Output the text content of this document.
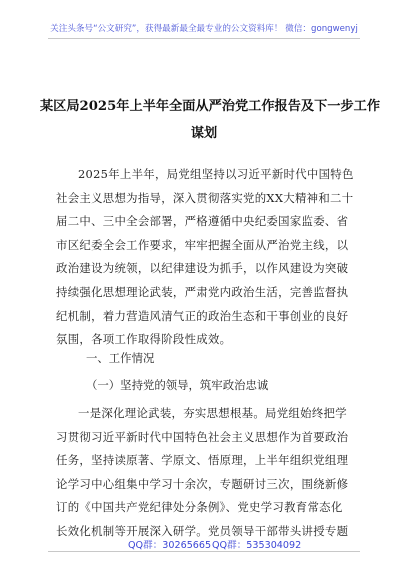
关注头条号“公文研究”，获得最新最全最专业的公文资料库！ 微信：gongwenyj
某区局2025年上半年全面从严治党工作报告及下一步工作
谋划
2025年上半年，局党组坚持以习近平新时代中国特色
社会主义思想为指导，深入贯彻落实党的XX大精神和二十
届二中、三中全会部署，严格遵循中央纪委国家监委、省
市区纪委全会工作要求，牢牢把握全面从严治党主线，以
政治建设为统领，以纪律建设为抓手，以作风建设为突破
持续强化思想理论武装，严肃党内政治生活，完善监督执
纪机制，着力营造风清气正的政治生态和干事创业的良好
氛围，各项工作取得阶段性成效。
一、工作情况
（一）坚持党的领导，筑牢政治忠诚
一是深化理论武装，夯实思想根基。局党组始终把学
习贯彻习近平新时代中国特色社会主义思想作为首要政治
任务，坚持读原著、学原文、悟原理，上半年组织党组理
论学习中心组集中学习十余次，专题研讨三次，围绕新修
订的《中国共产党纪律处分条例》、党史学习教育常态化
长效化机制等开展深入研学。党员领导干部带头讲授专题
QQ群：30265665 QQ群：535304092
